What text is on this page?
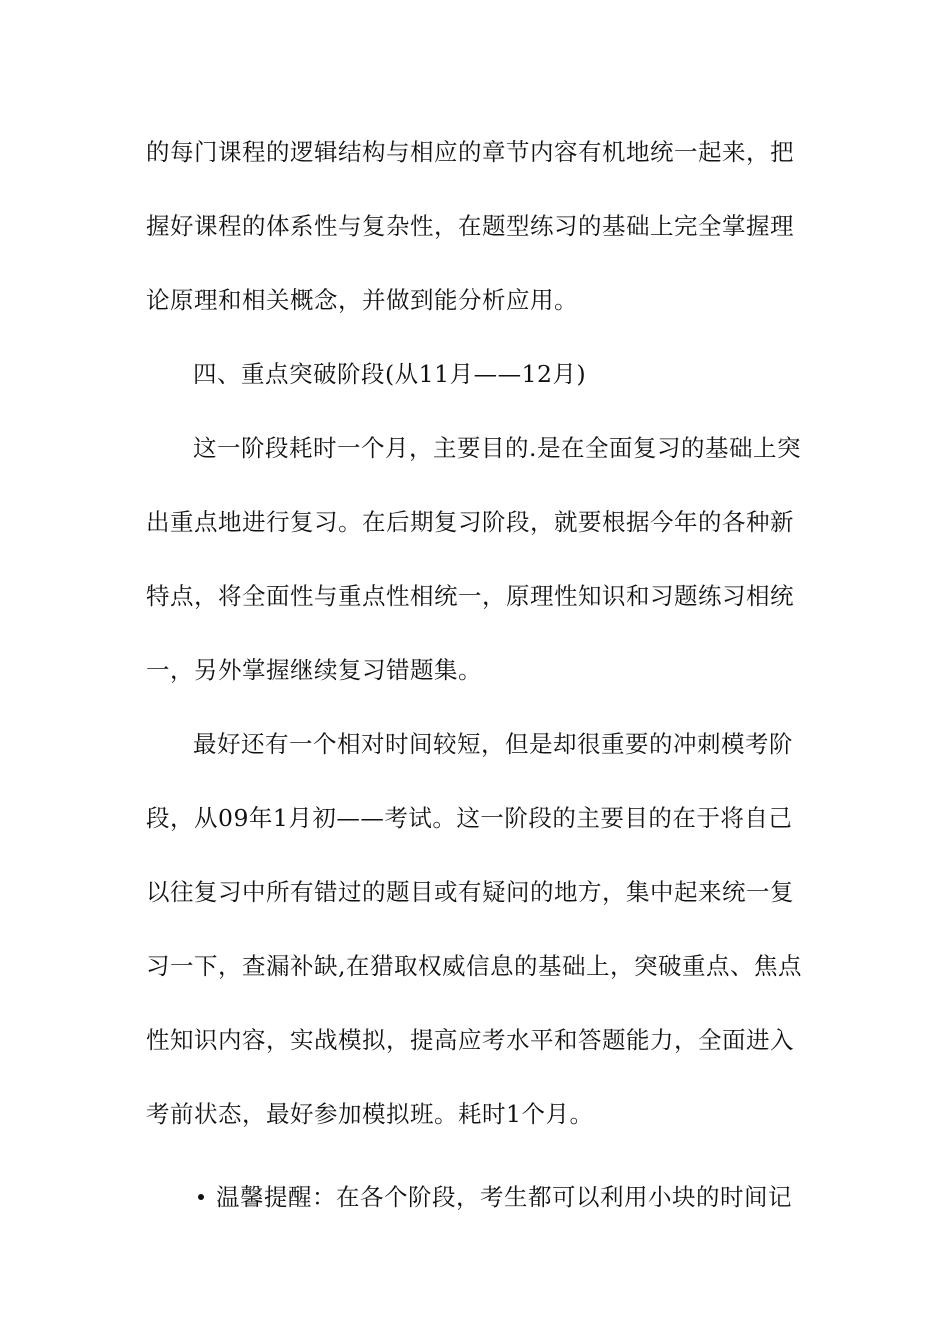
的每门课程的逻辑结构与相应的章节内容有机地统一起来，把
握好课程的体系性与复杂性，在题型练习的基础上完全掌握理
论原理和相关概念，并做到能分析应用。
四、重点突破阶段(从11月——12月)
这一阶段耗时一个月，主要目的.是在全面复习的基础上突
出重点地进行复习。在后期复习阶段，就要根据今年的各种新
特点，将全面性与重点性相统一，原理性知识和习题练习相统
一，另外掌握继续复习错题集。
最好还有一个相对时间较短，但是却很重要的冲刺模考阶
段，从09年1月初——考试。这一阶段的主要目的在于将自己
以往复习中所有错过的题目或有疑问的地方，集中起来统一复
习一下，查漏补缺,在猎取权威信息的基础上，突破重点、焦点
性知识内容，实战模拟，提高应考水平和答题能力，全面进入
考前状态，最好参加模拟班。耗时1个月。
温馨提醒：在各个阶段，考生都可以利用小块的时间记
